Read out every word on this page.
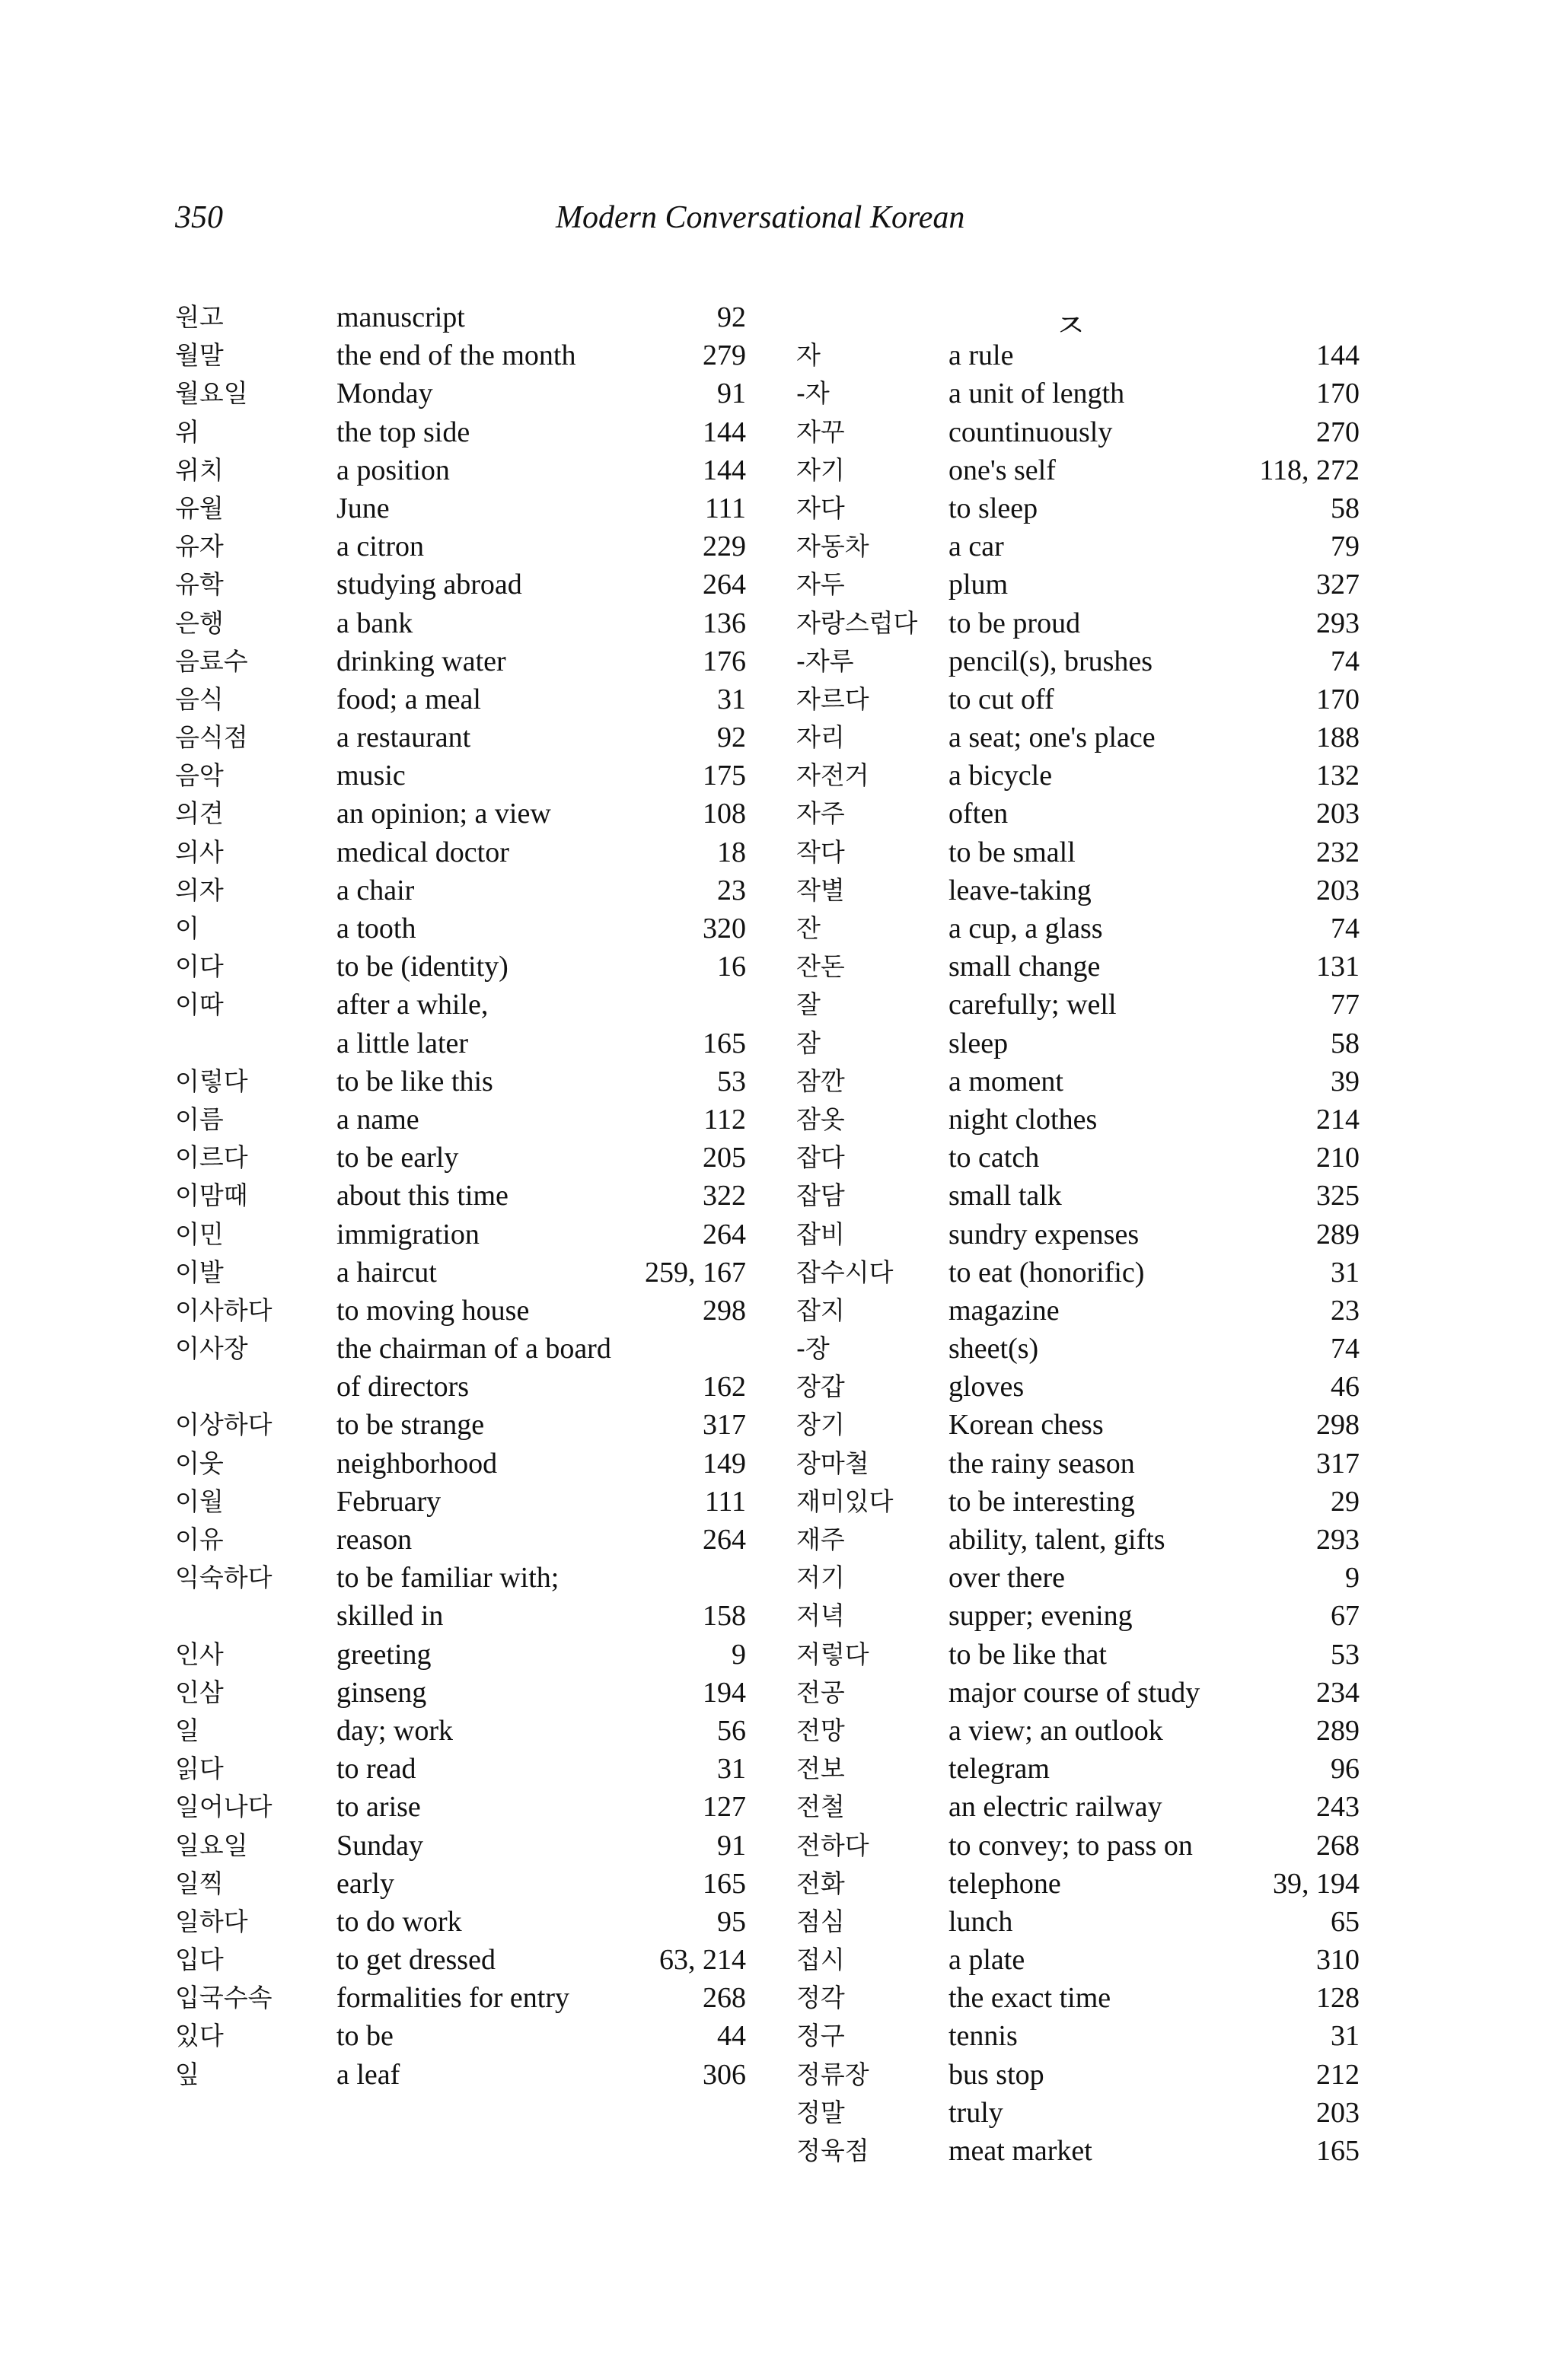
350	Modern Conversational Korean
ㅈ
원고	manuscript	92
월말	the end of the month	279
월요일	Monday	91
위	the top side	144
위치	a position	144
유월	June	111
유자	a citron	229
유학	studying abroad	264
은행	a bank	136
음료수	drinking water	176
음식	food; a meal	31
음식점	a restaurant	92
음악	music	175
의견	an opinion; a view	108
의사	medical doctor	18
의자	a chair	23
이	a tooth	320
이다	to be (identity)	16
이따	after a while,
a little later	165
이렇다	to be like this	53
이름	a name	112
이르다	to be early	205
이맘때	about this time	322
이민	immigration	264
이발	a haircut	259, 167
이사하다 to moving house	298
이사장	the chairman of a board
of directors	162
이상하다 to be strange	317
이웃	neighborhood	149
이월	February	111
이유	reason	264
익숙하다 to be familiar with;
skilled in	158
인사	greeting	9
인삼	ginseng	194
일	day; work	56
읽다	to read	31
일어나다 to arise	127
일요일	Sunday	91
일찍	early	165
일하다	to do work	95
입다	to get dressed	63, 214
입국수속 formalities for entry	268
있다	to be	44
잎	a leaf	306
자	a rule	144
-자	a unit of length	170
자꾸	countinuously	270
자기	one's self	118, 272
자다	to sleep	58
자동차	a car	79
자두	plum	327
자랑스럽다 to be proud	293
-자루	pencil(s), brushes	74
자르다	to cut off	170
자리	a seat; one's place	188
자전거	a bicycle	132
자주	often	203
작다	to be small	232
작별	leave-taking	203
잔	a cup, a glass	74
잔돈	small change	131
잘	carefully; well	77
잠	sleep	58
잠깐	a moment	39
잠옷	night clothes	214
잡다	to catch	210
잡담	small talk	325
잡비	sundry expenses	289
잡수시다 to eat (honorific)	31
잡지	magazine	23
-장	sheet(s)	74
장갑	gloves	46
장기	Korean chess	298
장마철	the rainy season	317
재미있다 to be interesting	29
재주	ability, talent, gifts	293
저기	over there	9
저녁	supper; evening	67
저렇다	to be like that	53
전공	major course of study	234
전망	a view; an outlook	289
전보	telegram	96
전철	an electric railway	243
전하다	to convey; to pass on	268
전화	telephone	39, 194
점심	lunch	65
접시	a plate	310
정각	the exact time	128
정구	tennis	31
정류장	bus stop	212
정말	truly	203
정육점	meat market	165
